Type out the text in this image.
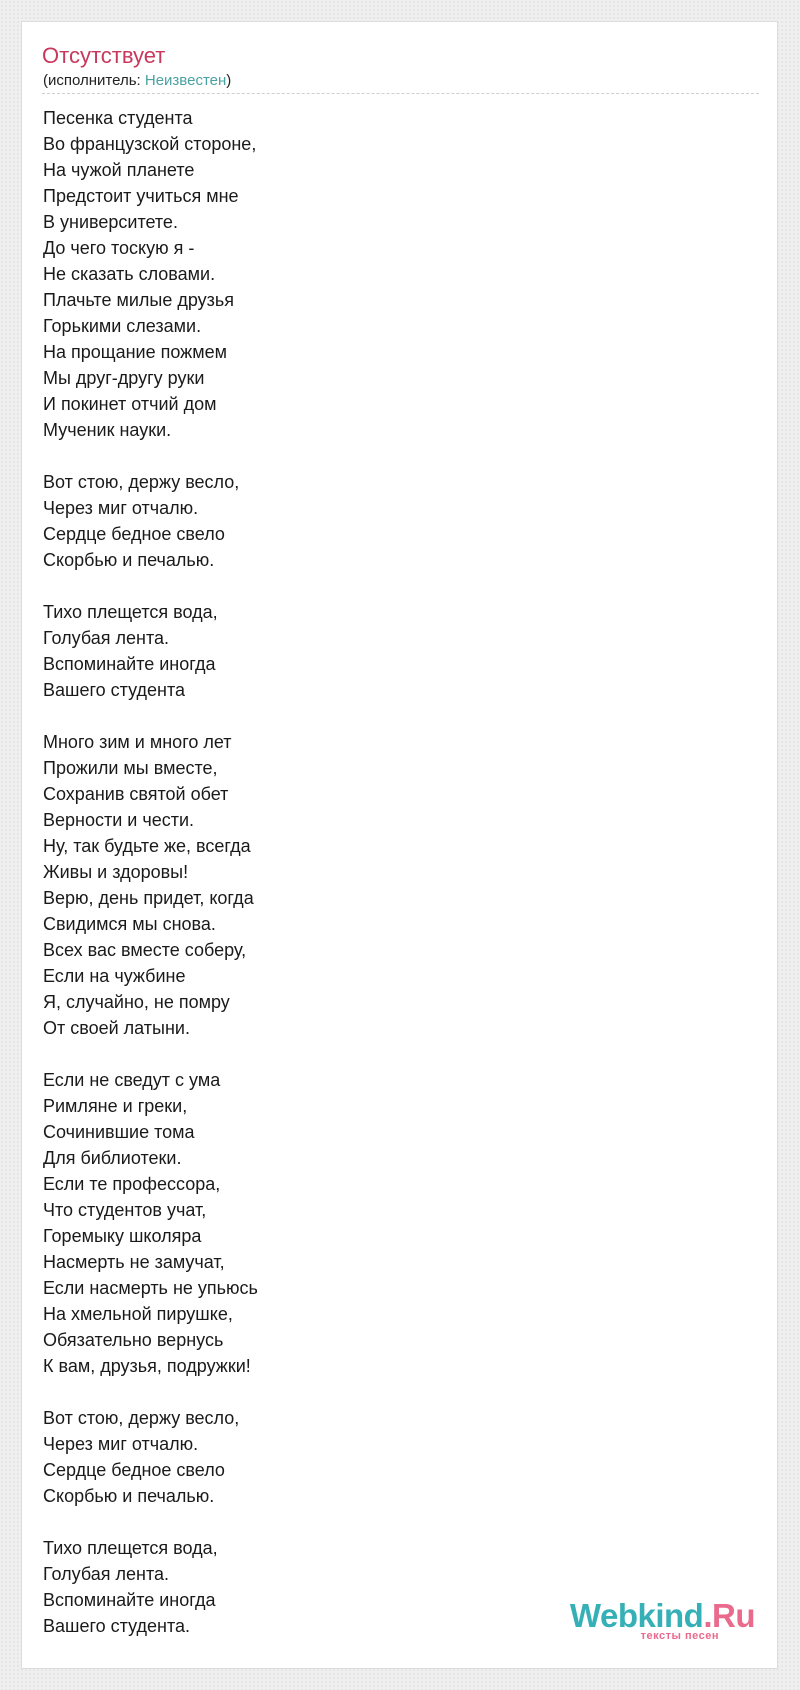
Отсутствует
(исполнитель: Неизвестен)
Песенка студента
Во французской стороне,
На чужой планете
Предстоит учиться мне
В университете.
До чего тоскую я -
Не сказать словами.
Плачьте милые друзья
Горькими слезами.
На прощание пожмем
Мы друг-другу руки
И покинет отчий дом
Мученик науки.
Вот стою, держу весло,
Через миг отчалю.
Сердце бедное свело
Скорбью и печалью.
Тихо плещется вода,
Голубая лента.
Вспоминайте иногда
Вашего студента
Много зим и много лет
Прожили мы вместе,
Сохранив святой обет
Верности и чести.
Ну, так будьте же, всегда
Живы и здоровы!
Верю, день придет, когда
Свидимся мы снова.
Всех вас вместе соберу,
Если на чужбине
Я, случайно, не помру
От своей латыни.
Если не сведут с ума
Римляне и греки,
Сочинившие тома
Для библиотеки.
Если те профессора,
Что студентов учат,
Горемыку школяра
Насмерть не замучат,
Если насмерть не упьюсь
На хмельной пирушке,
Обязательно вернусь
К вам, друзья, подружки!
Вот стою, держу весло,
Через миг отчалю.
Сердце бедное свело
Скорбью и печалью.
Тихо плещется вода,
Голубая лента.
Вспоминайте иногда
Вашего студента.	Webkind.Ru
тексты песен
